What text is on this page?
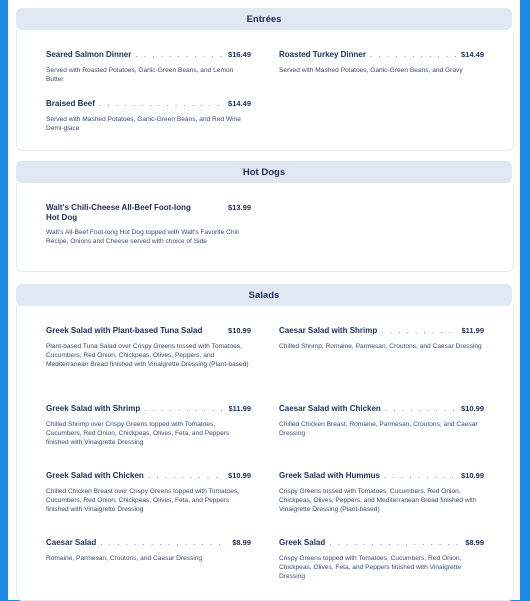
Entrées
Seared Salmon Dinner . . .	$16.49
Served with Roasted Potatoes, Garlic-Green Beans, and Lemon Butter
Roasted Turkey Dinner . . .	$14.49
Served with Mashed Potatoes, Garlic-Green Beans, and Gravy
Braised Beef . . .	$14.49
Served with Mashed Potatoes, Garlic-Green Beans, and Red Wine Demi-glace
Hot Dogs
Walt's Chili-Cheese All-Beef Foot-long Hot Dog
$13.99
Walt's All-Beef Foot-long Hot Dog topped with Walt's Favorite Chili Recipe, Onions and Cheese served with choice of Side
Salads
Greek Salad with Plant-based Tuna Salad	$10.99
Plant-based Tuna Salad over Crispy Greens tossed with Tomatoes, Cucumbers, Red Onion, Chickpeas, Olives, Peppers, and Mediterranean Bread finished with Vinaigrette Dressing (Plant-based)
Caesar Salad with Shrimp . . .	$11.99
Chilled Shrimp, Romaine, Parmesan, Croutons, and Caesar Dressing
Greek Salad with Shrimp . . .	$11.99
Chilled Shrimp over Crispy Greens topped with Tomatoes, Cucumbers, Red Onion, Chickpeas, Olives, Feta, and Peppers finished with Vinaigrette Dressing
Caesar Salad with Chicken . . .	$10.99
Chilled Chicken Breast, Romaine, Parmesan, Croutons, and Caesar Dressing
Greek Salad with Chicken . . .	$10.99
Chilled Chicken Breast over Crispy Greens topped with Tomatoes, Cucumbers, Red Onion, Chickpeas, Olives, Feta, and Peppers finished with Vinaigrette Dressing
Greek Salad with Hummus . . .	$10.99
Crispy Greens tossed with Tomatoes, Cucumbers, Red Onion, Chickpeas, Olives, Peppers, and Mediterranean Bread finished with Vinaigrette Dressing (Plant-based)
Caesar Salad . . .	$8.99
Romaine, Parmesan, Croutons, and Caesar Dressing
Greek Salad . . .	$8.99
Crispy Greens topped with Tomatoes, Cucumbers, Red Onion, Chickpeas, Olives, Feta, and Peppers finished with Vinaigrette Dressing
